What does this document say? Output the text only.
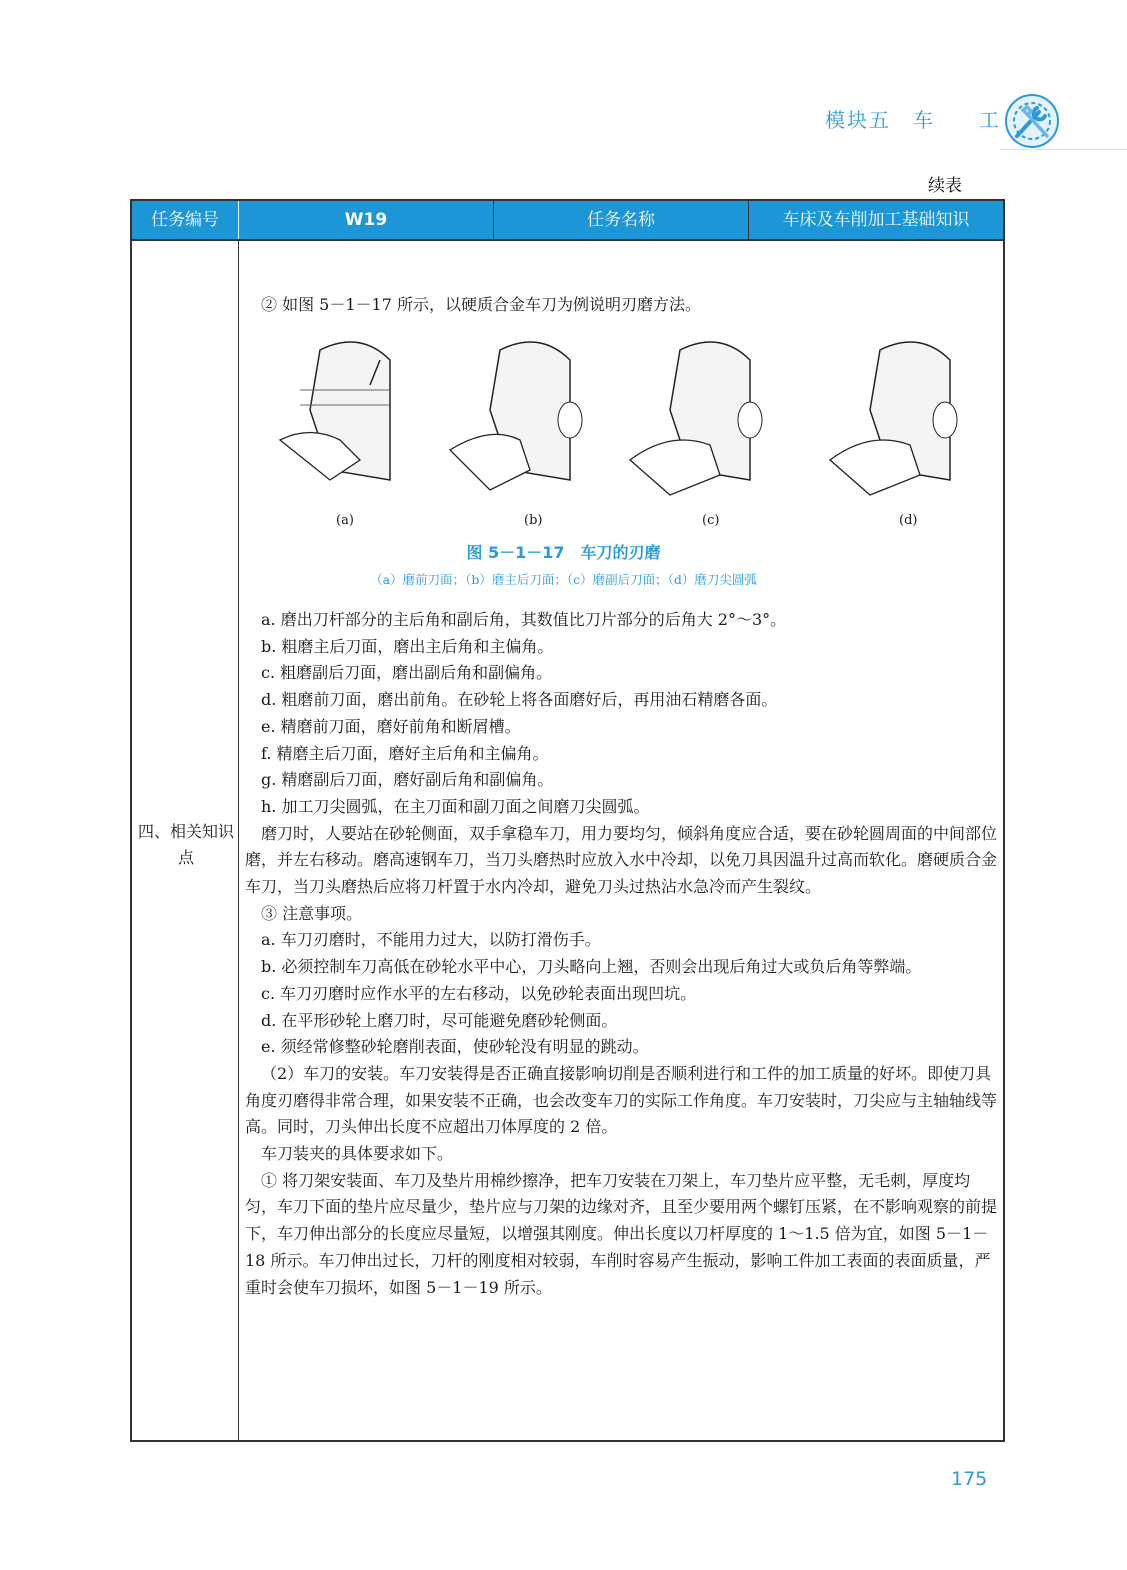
模块五　车　　工
续表
任务编号	W19	任务名称	车床及车削加工基础知识
四、相关知识点

② 如图 5－1－17 所示，以硬质合金车刀为例说明刃磨方法。

(a)	(b)	(c)	(d)
图 5－1－17　车刀的刃磨
（a）磨前刀面；（b）磨主后刀面；（c）磨副后刀面；（d）磨刀尖圆弧

a. 磨出刀杆部分的主后角和副后角，其数值比刀片部分的后角大 2°～3°。

b. 粗磨主后刀面，磨出主后角和主偏角。

c. 粗磨副后刀面，磨出副后角和副偏角。

d. 粗磨前刀面，磨出前角。在砂轮上将各面磨好后，再用油石精磨各面。

e. 精磨前刀面，磨好前角和断屑槽。

f. 精磨主后刀面，磨好主后角和主偏角。

g. 精磨副后刀面，磨好副后角和副偏角。

h. 加工刀尖圆弧，在主刀面和副刀面之间磨刀尖圆弧。

磨刀时，人要站在砂轮侧面，双手拿稳车刀，用力要均匀，倾斜角度应合适，要在砂轮圆周面的中间部位磨，并左右移动。磨高速钢车刀，当刀头磨热时应放入水中冷却，以免刀具因温升过高而软化。磨硬质合金车刀，当刀头磨热后应将刀杆置于水内冷却，避免刀头过热沾水急冷而产生裂纹。

③ 注意事项。

a. 车刀刃磨时，不能用力过大，以防打滑伤手。

b. 必须控制车刀高低在砂轮水平中心，刀头略向上翘，否则会出现后角过大或负后角等弊端。

c. 车刀刃磨时应作水平的左右移动，以免砂轮表面出现凹坑。

d. 在平形砂轮上磨刀时，尽可能避免磨砂轮侧面。

e. 须经常修整砂轮磨削表面，使砂轮没有明显的跳动。

（2）车刀的安装。车刀安装得是否正确直接影响切削是否顺利进行和工件的加工质量的好坏。即使刀具角度刃磨得非常合理，如果安装不正确，也会改变车刀的实际工作角度。车刀安装时，刀尖应与主轴轴线等高。同时，刀头伸出长度不应超出刀体厚度的 2 倍。

车刀装夹的具体要求如下。

① 将刀架安装面、车刀及垫片用棉纱擦净，把车刀安装在刀架上，车刀垫片应平整，无毛刺，厚度均匀，车刀下面的垫片应尽量少，垫片应与刀架的边缘对齐，且至少要用两个螺钉压紧，在不影响观察的前提下，车刀伸出部分的长度应尽量短，以增强其刚度。伸出长度以刀杆厚度的 1～1.5 倍为宜，如图 5－1－18 所示。车刀伸出过长，刀杆的刚度相对较弱，车削时容易产生振动，影响工件加工表面的表面质量，严重时会使车刀损坏，如图 5－1－19 所示。

175
